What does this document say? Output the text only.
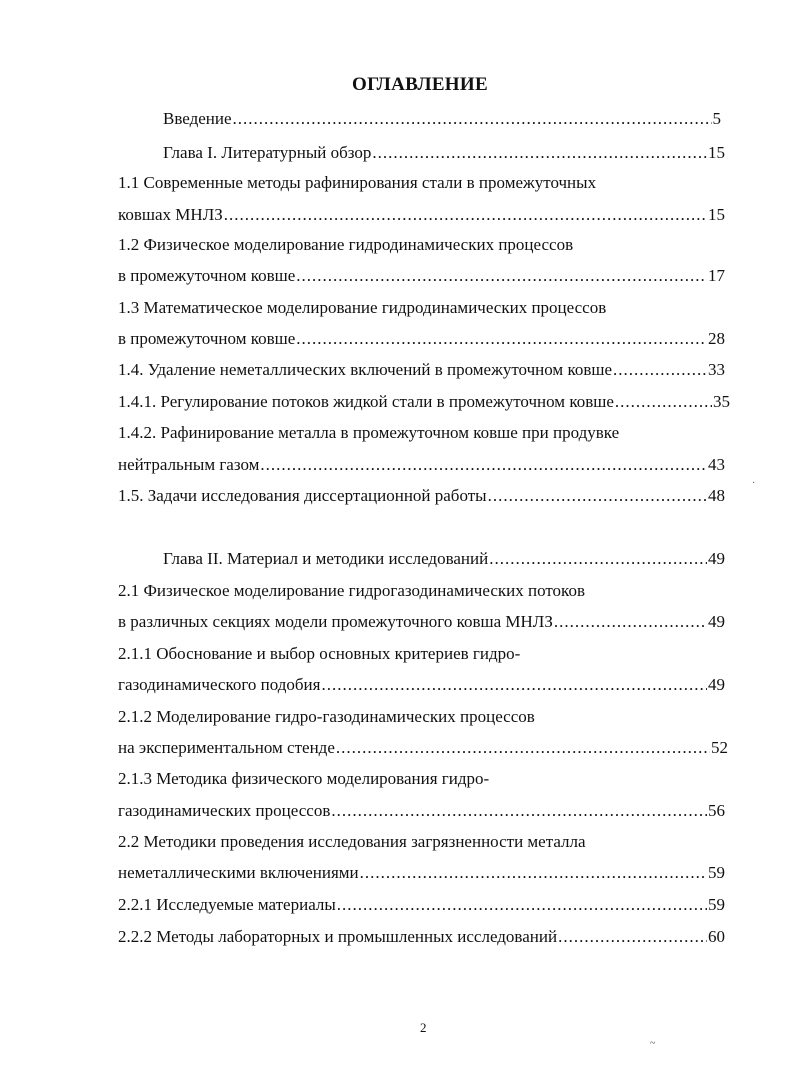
ОГЛАВЛЕНИЕ
Введение .....	5
Глава I. Литературный обзор .....	15
1.1 Современные методы рафинирования стали в промежуточных
ковшах МНЛЗ .....	15
1.2 Физическое моделирование гидродинамических процессов
в промежуточном ковше .....	17
1.3 Математическое моделирование гидродинамических процессов
в промежуточном ковше .....	28
1.4. Удаление неметаллических включений в промежуточном ковше .....	33
1.4.1. Регулирование потоков жидкой стали в промежуточном ковше .....	35
1.4.2. Рафинирование металла в промежуточном ковше при продувке
нейтральным газом .....	43
1.5. Задачи исследования диссертационной работы .....	48
Глава II. Материал и методики исследований .....	49
2.1 Физическое моделирование гидрогазодинамических потоков
в различных секциях модели промежуточного ковша МНЛЗ .....	49
2.1.1 Обоснование и выбор основных критериев гидро-
газодинамического подобия .....	49
2.1.2 Моделирование гидро-газодинамических процессов
на экспериментальном стенде .....	52
2.1.3 Методика физического моделирования гидро-
газодинамических процессов .....	56
2.2 Методики проведения исследования загрязненности металла
неметаллическими включениями .....	59
2.2.1 Исследуемые материалы .....	59
2.2.2 Методы лабораторных и промышленных исследований .....	60
2
·
~
